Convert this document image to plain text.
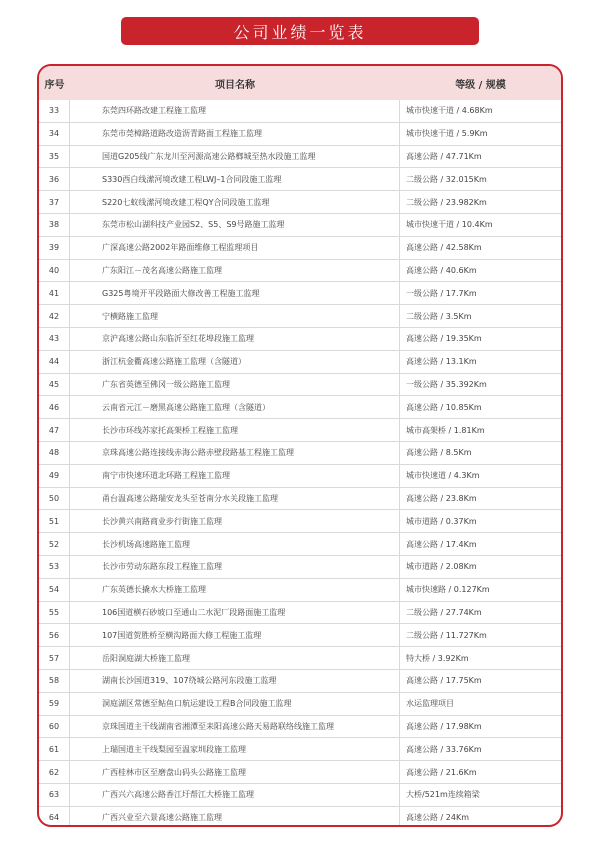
公司业绩一览表
序号	项目名称	等级 / 规模
33	东莞四环路改建工程施工监理	城市快速干道 / 4.68Km
34	东莞市莞樟路道路改造沥青路面工程施工监理	城市快速干道 / 5.9Km
35	国道G205线广东龙川至河源高速公路榔城至热水段施工监理	高速公路 / 47.71Km
36	S330酉白线潆河境改建工程LWJ–1合同段施工监理	二级公路 / 32.015Km
37	S220七蚁线潆河境改建工程QY合同段施工监理	二级公路 / 23.982Km
38	东莞市松山湖科技产业园S2、S5、S9号路施工监理	城市快速干道 / 10.4Km
39	广深高速公路2002年路面维修工程监理项目	高速公路 / 42.58Km
40	广东阳江－茂名高速公路施工监理	高速公路 / 40.6Km
41	G325粤境开平段路面大修改善工程施工监理	一级公路 / 17.7Km
42	宁横路施工监理	二级公路 / 3.5Km
43	京沪高速公路山东临沂至红花埠段施工监理	高速公路 / 19.35Km
44	浙江杭金衢高速公路施工监理（含隧道）	高速公路 / 13.1Km
45	广东省英德至佛冈一级公路施工监理	一级公路 / 35.392Km
46	云南省元江－磨黑高速公路施工监理（含隧道）	高速公路 / 10.85Km
47	长沙市环线苏家托高架桥工程施工监理	城市高架桥 / 1.81Km
48	京珠高速公路连接线赤海公路赤壁段路基工程施工监理	高速公路 / 8.5Km
49	南宁市快速环道北环路工程施工监理	城市快速道 / 4.3Km
50	甬台温高速公路瑞安龙头至苍南分水关段施工监理	高速公路 / 23.8Km
51	长沙黄兴南路商业步行街施工监理	城市道路 / 0.37Km
52	长沙机场高速路施工监理	高速公路 / 17.4Km
53	长沙市劳动东路东段工程施工监理	城市道路 / 2.08Km
54	广东英德长撬水大桥施工监理	城市快速路 / 0.127Km
55	106国道横石砂坡口至通山二水泥厂段路面施工监理	二级公路 / 27.74Km
56	107国道贺胜桥至横沟路面大修工程施工监理	二级公路 / 11.727Km
57	岳阳洞庭湖大桥施工监理	特大桥 / 3.92Km
58	湖南长沙国道319、107绕城公路河东段施工监理	高速公路 / 17.75Km
59	洞庭湖区常德至鲇鱼口航运建设工程B合同段施工监理	水运监理项目
60	京珠国道主干线湖南省湘潭至耒阳高速公路天易路联络线施工监理	高速公路 / 17.98Km
61	上瑞国道主干线梨园至温家圳段施工监理	高速公路 / 33.76Km
62	广西桂林市区至磨盘山码头公路施工监理	高速公路 / 21.6Km
63	广西兴六高速公路香江圩帮江大桥施工监理	大桥/521m连续箱梁
64	广西兴业至六景高速公路施工监理	高速公路 / 24Km
